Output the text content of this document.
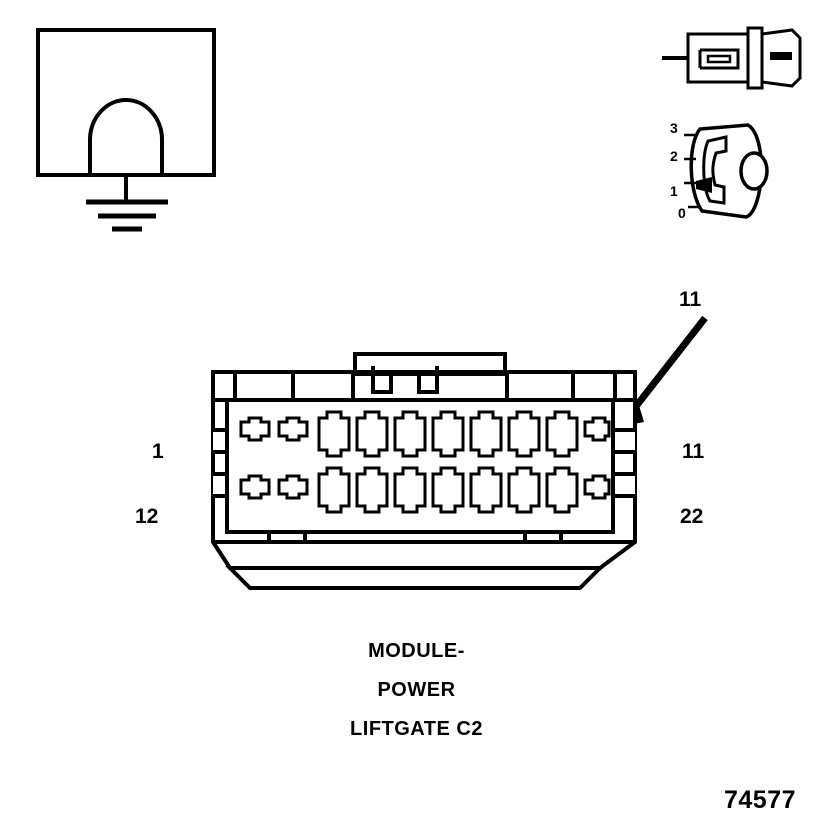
3
2
1
0
11
1
12
11
22
MODULE-
POWER
LIFTGATE C2
74577
